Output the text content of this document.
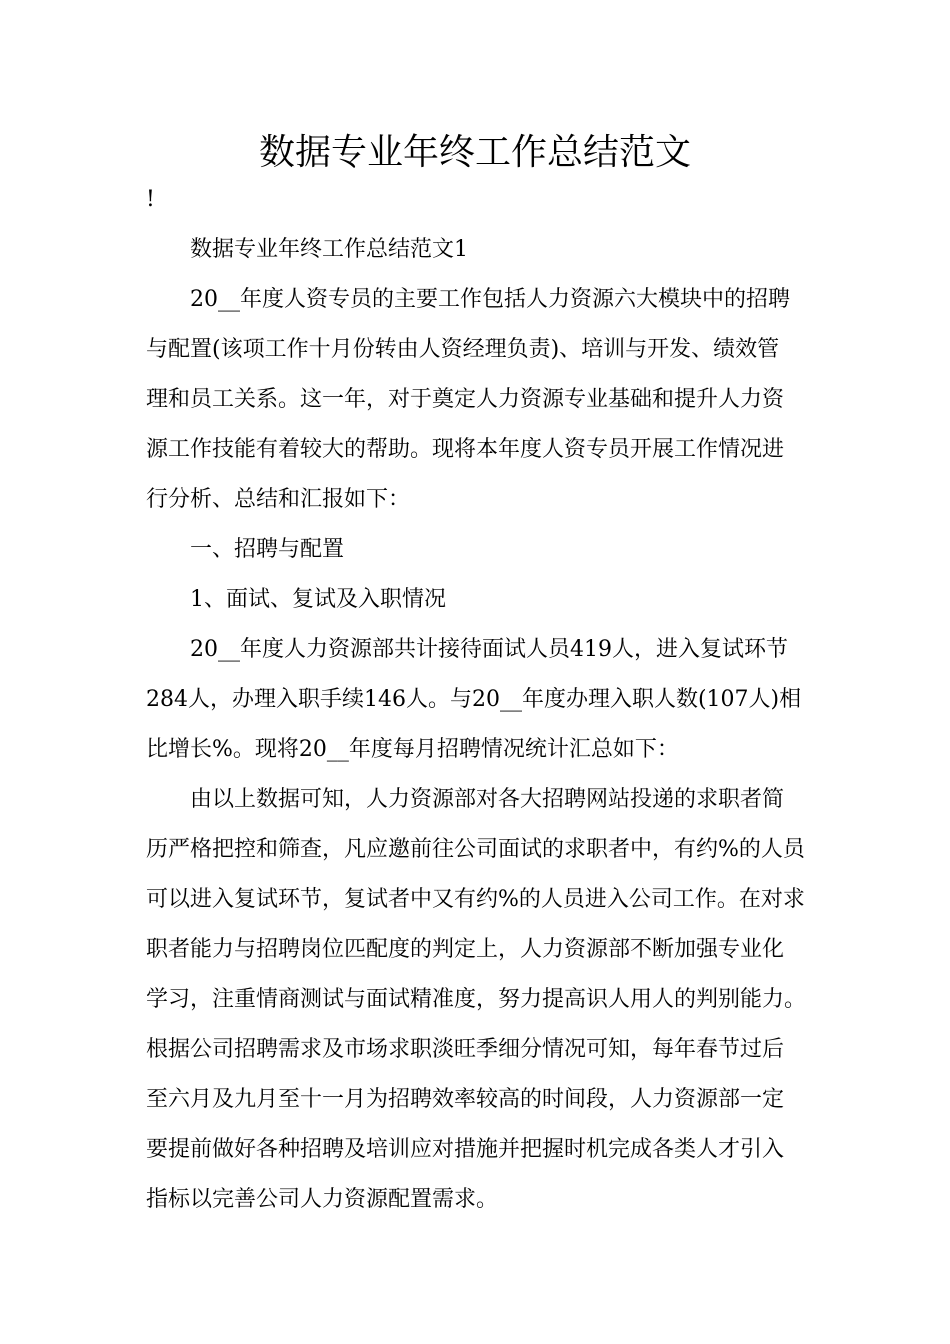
数据专业年终工作总结范文

!

数据专业年终工作总结范文1

20__年度人资专员的主要工作包括人力资源六大模块中的招聘

与配置(该项工作十月份转由人资经理负责)、培训与开发、绩效管

理和员工关系。这一年，对于奠定人力资源专业基础和提升人力资

源工作技能有着较大的帮助。现将本年度人资专员开展工作情况进

行分析、总结和汇报如下：

一、招聘与配置

1、面试、复试及入职情况

20__年度人力资源部共计接待面试人员419人，进入复试环节

284人，办理入职手续146人。与20__年度办理入职人数(107人)相

比增长%。现将20__年度每月招聘情况统计汇总如下：

由以上数据可知，人力资源部对各大招聘网站投递的求职者简

历严格把控和筛查，凡应邀前往公司面试的求职者中，有约%的人员

可以进入复试环节，复试者中又有约%的人员进入公司工作。在对求

职者能力与招聘岗位匹配度的判定上，人力资源部不断加强专业化

学习，注重情商测试与面试精准度，努力提高识人用人的判别能力。

根据公司招聘需求及市场求职淡旺季细分情况可知，每年春节过后

至六月及九月至十一月为招聘效率较高的时间段，人力资源部一定

要提前做好各种招聘及培训应对措施并把握时机完成各类人才引入

指标以完善公司人力资源配置需求。
